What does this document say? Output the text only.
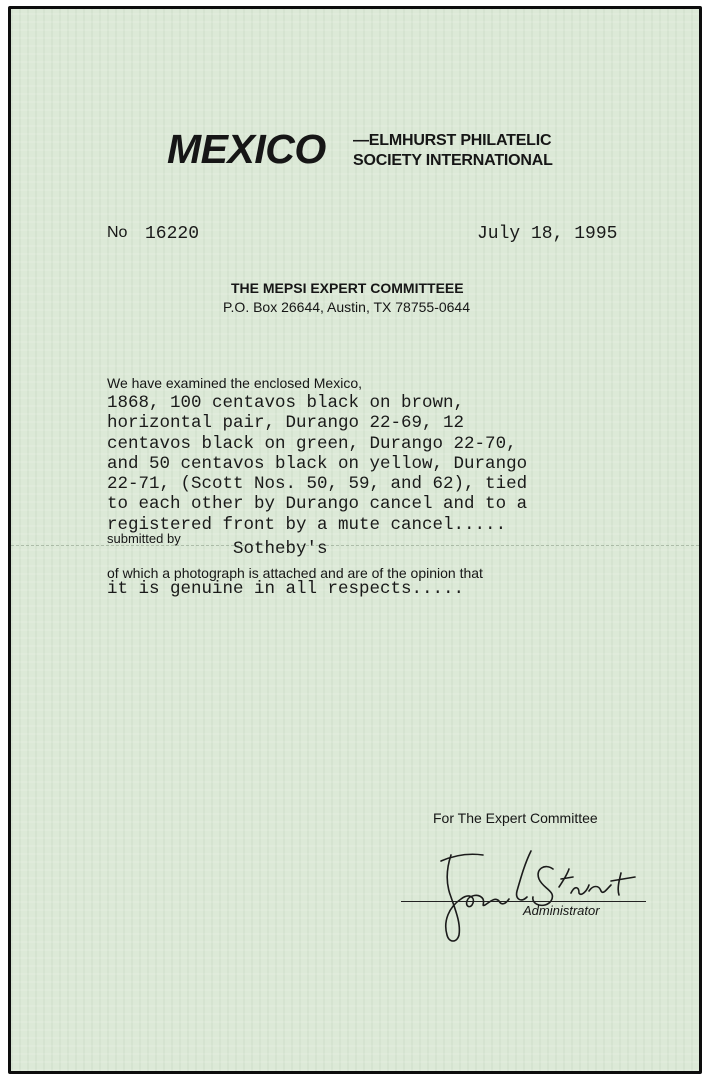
MEXICO —ELMHURST PHILATELIC
SOCIETY INTERNATIONAL
No 16220	July 18, 1995
THE MEPSI EXPERT COMMITTEEE
P.O. Box 26644, Austin, TX 78755-0644
We have examined the enclosed Mexico,
1868, 100 centavos black on brown,
horizontal pair, Durango 22-69, 12
centavos black on green, Durango 22-70,
and 50 centavos black on yellow, Durango
22-71, (Scott Nos. 50, 59, and 62), tied
to each other by Durango cancel and to a
registered front by a mute cancel.....
submitted by
Sotheby's
of which a photograph is attached and are of the opinion that
it is genuine in all respects.....
For The Expert Committee
Administrator
